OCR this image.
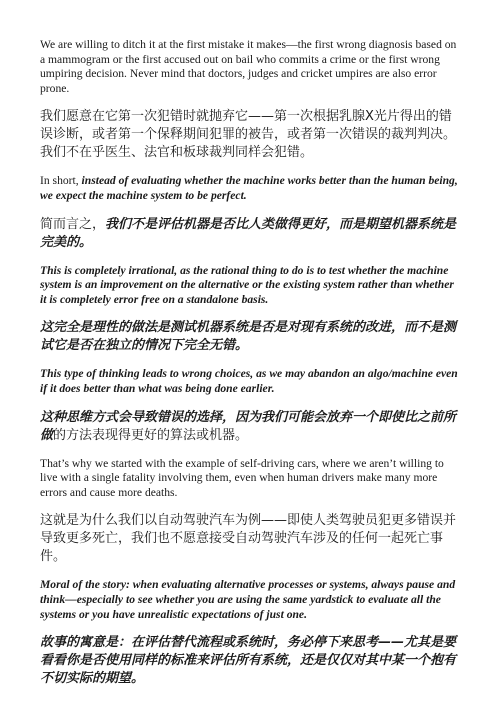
We are willing to ditch it at the first mistake it makes—the first wrong diagnosis based on a mammogram or the first accused out on bail who commits a crime or the first wrong umpiring decision. Never mind that doctors, judges and cricket umpires are also error prone.

我们愿意在它第一次犯错时就抛弃它——第一次根据乳腺X光片得出的错误诊断，或者第一个保释期间犯罪的被告，或者第一次错误的裁判判决。我们不在乎医生、法官和板球裁判同样会犯错。

In short, instead of evaluating whether the machine works better than the human being, we expect the machine system to be perfect.

简而言之，我们不是评估机器是否比人类做得更好，而是期望机器系统是完美的。

This is completely irrational, as the rational thing to do is to test whether the machine system is an improvement on the alternative or the existing system rather than whether it is completely error free on a standalone basis.

这完全是理性的做法是测试机器系统是否是对现有系统的改进，而不是测试它是否在独立的情况下完全无错。

This type of thinking leads to wrong choices, as we may abandon an algo/machine even if it does better than what was being done earlier.

这种思维方式会导致错误的选择，因为我们可能会放弃一个即使比之前所做的方法表现得更好的算法或机器。

That’s why we started with the example of self-driving cars, where we aren’t willing to live with a single fatality involving them, even when human drivers make many more errors and cause more deaths.

这就是为什么我们以自动驾驶汽车为例——即使人类驾驶员犯更多错误并导致更多死亡，我们也不愿意接受自动驾驶汽车涉及的任何一起死亡事件。

Moral of the story: when evaluating alternative processes or systems, always pause and think—especially to see whether you are using the same yardstick to evaluate all the systems or you have unrealistic expectations of just one.

故事的寓意是：在评估替代流程或系统时，务必停下来思考——尤其是要看看你是否使用同样的标准来评估所有系统，还是仅仅对其中某一个抱有不切实际的期望。
